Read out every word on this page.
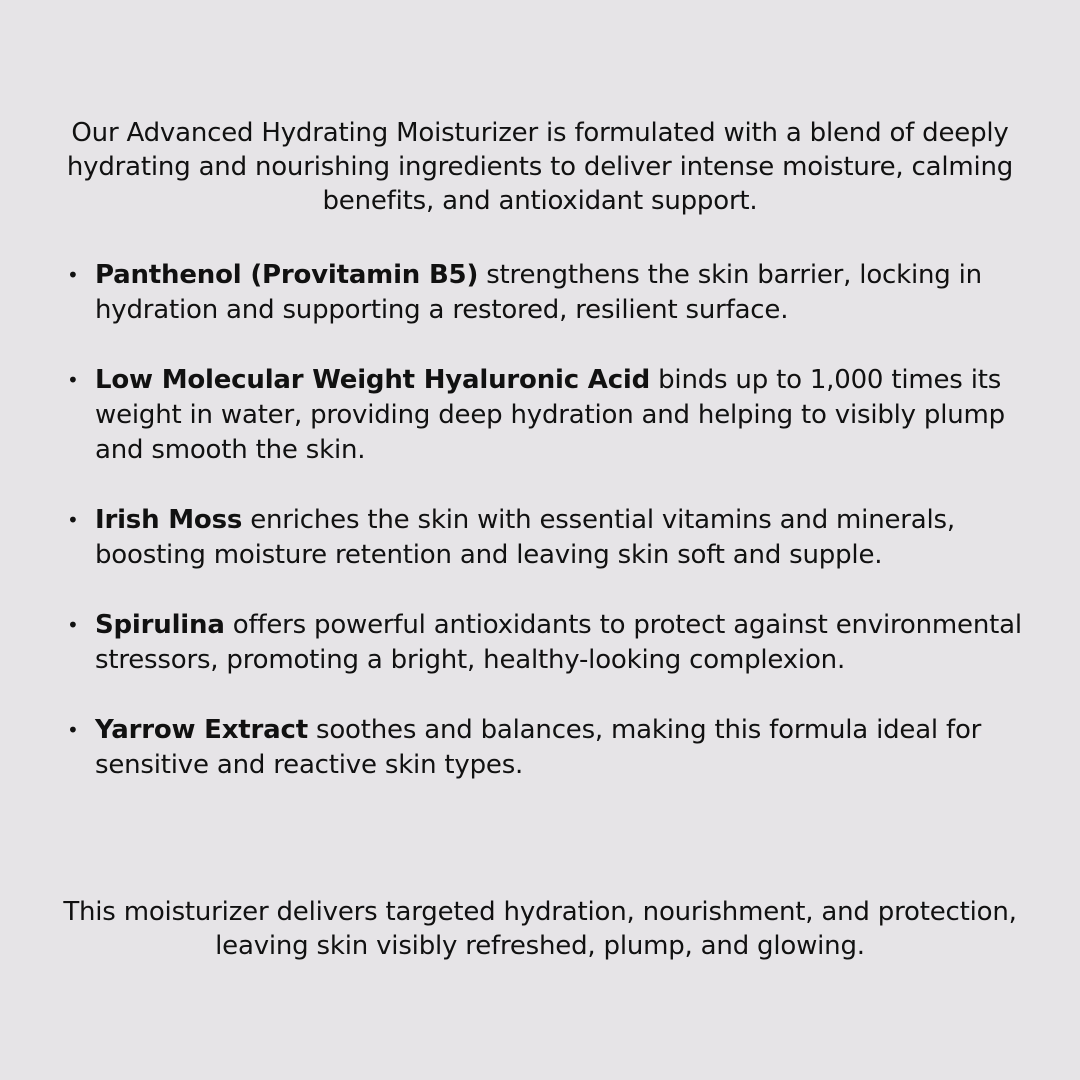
Our Advanced Hydrating Moisturizer is formulated with a blend of deeply hydrating and nourishing ingredients to deliver intense moisture, calming benefits, and antioxidant support.

• Panthenol (Provitamin B5) strengthens the skin barrier, locking in hydration and supporting a restored, resilient surface.
• Low Molecular Weight Hyaluronic Acid binds up to 1,000 times its weight in water, providing deep hydration and helping to visibly plump and smooth the skin.
• Irish Moss enriches the skin with essential vitamins and minerals, boosting moisture retention and leaving skin soft and supple.
• Spirulina offers powerful antioxidants to protect against environmental stressors, promoting a bright, healthy-looking complexion.
• Yarrow Extract soothes and balances, making this formula ideal for sensitive and reactive skin types.

This moisturizer delivers targeted hydration, nourishment, and protection, leaving skin visibly refreshed, plump, and glowing.
